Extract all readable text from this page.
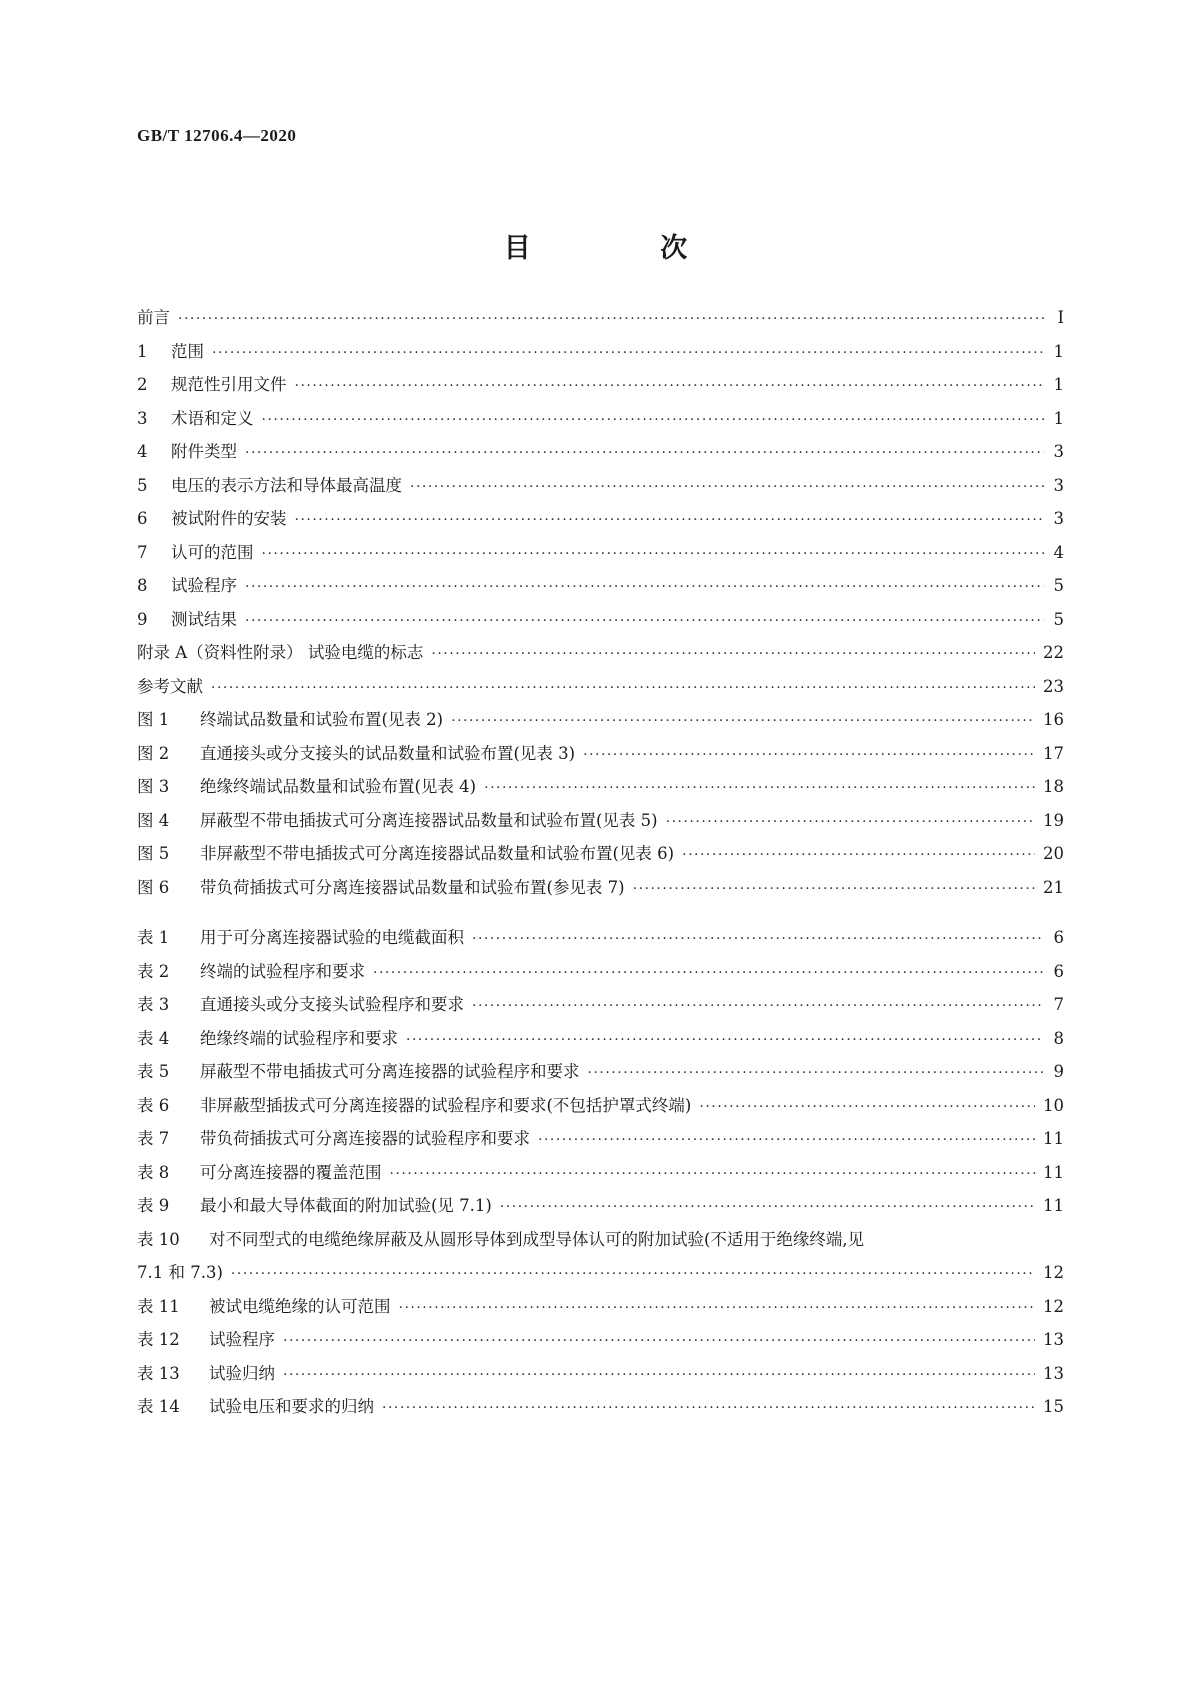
GB/T 12706.4—2020
目 次
前言 ·····	Ⅰ
1	范围 ·····	1
2	规范性引用文件 ·····	1
3	术语和定义 ·····	1
4	附件类型 ·····	3
5	电压的表示方法和导体最高温度 ·····	3
6	被试附件的安装 ·····	3
7	认可的范围 ·····	4
8	试验程序 ·····	5
9	测试结果 ·····	5
附录 A（资料性附录） 试验电缆的标志 ·····	22
参考文献 ·····	23
图 1	终端试品数量和试验布置(见表 2) ·····	16
图 2	直通接头或分支接头的试品数量和试验布置(见表 3) ·····	17
图 3	绝缘终端试品数量和试验布置(见表 4) ·····	18
图 4	屏蔽型不带电插拔式可分离连接器试品数量和试验布置(见表 5) ·····	19
图 5	非屏蔽型不带电插拔式可分离连接器试品数量和试验布置(见表 6) ·····	20
图 6	带负荷插拔式可分离连接器试品数量和试验布置(参见表 7) ·····	21
表 1	用于可分离连接器试验的电缆截面积 ·····	6
表 2	终端的试验程序和要求 ·····	6
表 3	直通接头或分支接头试验程序和要求 ·····	7
表 4	绝缘终端的试验程序和要求 ·····	8
表 5	屏蔽型不带电插拔式可分离连接器的试验程序和要求 ·····	9
表 6	非屏蔽型插拔式可分离连接器的试验程序和要求(不包括护罩式终端) ·····	10
表 7	带负荷插拔式可分离连接器的试验程序和要求 ·····	11
表 8	可分离连接器的覆盖范围 ·····	11
表 9	最小和最大导体截面的附加试验(见 7.1) ·····	11
表 10 对不同型式的电缆绝缘屏蔽及从圆形导体到成型导体认可的附加试验(不适用于绝缘终端,见
7.1 和 7.3) ·····	12
表 11	被试电缆绝缘的认可范围 ·····	12
表 12	试验程序 ·····	13
表 13	试验归纳 ·····	13
表 14	试验电压和要求的归纳 ·····	15
